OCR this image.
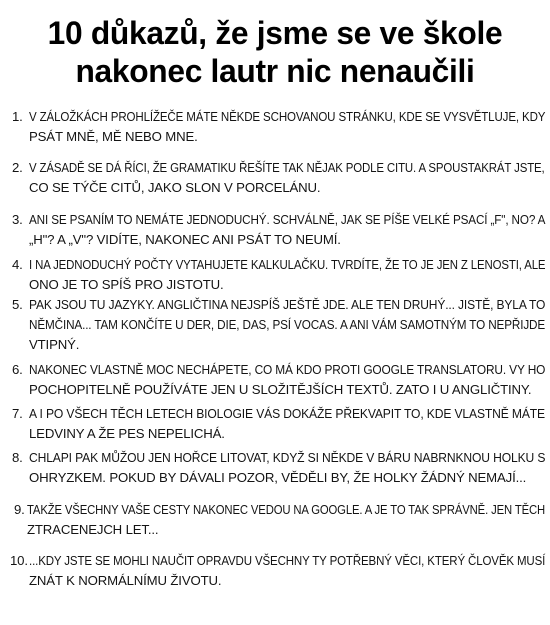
10 důkazů, že jsme se ve škole
nakonec lautr nic nenaučili
1. V ZÁLOŽKÁCH PROHLÍŽEČE MÁTE NĚKDE SCHOVANOU STRÁNKU, KDE SE VYSVĚTLUJE, KDY
PSÁT MNĚ, MĚ NEBO MNE.
2. V ZÁSADĚ SE DÁ ŘÍCI, ŽE GRAMATIKU ŘEŠÍTE TAK NĚJAK PODLE CITU. A SPOUSTAKRÁT JSTE,
CO SE TÝČE CITŮ, JAKO SLON V PORCELÁNU.
3. ANI SE PSANÍM TO NEMÁTE JEDNODUCHÝ. SCHVÁLNĚ, JAK SE PÍŠE VELKÉ PSACÍ „F", NO? A
„H"? A „V"? VIDÍTE, NAKONEC ANI PSÁT TO NEUMÍ.
4. I NA JEDNODUCHÝ POČTY VYTAHUJETE KALKULAČKU. TVRDÍTE, ŽE TO JE JEN Z LENOSTI, ALE
ONO JE TO SPÍŠ PRO JISTOTU.
5. PAK JSOU TU JAZYKY. ANGLIČTINA NEJSPÍŠ JEŠTĚ JDE. ALE TEN DRUHÝ... JISTĚ, BYLA TO NĚMČINA... TAM KONČÍTE U DER, DIE, DAS, PSÍ VOCAS. A ANI VÁM SAMOTNÝM TO NEPŘIJDE
VTIPNÝ.
6. NAKONEC VLASTNĚ MOC NECHÁPETE, CO MÁ KDO PROTI GOOGLE TRANSLATORU. VY HO
POCHOPITELNĚ POUŽÍVÁTE JEN U SLOŽITĚJŠÍCH TEXTŮ. ZATO I U ANGLIČTINY.
7. A I PO VŠECH TĚCH LETECH BIOLOGIE VÁS DOKÁŽE PŘEKVAPIT TO, KDE VLASTNĚ MÁTE
LEDVINY A ŽE PES NEPELICHÁ.
8. CHLAPI PAK MŮŽOU JEN HOŘCE LITOVAT, KDYŽ SI NĚKDE V BÁRU NABRNKNOU HOLKU S
OHRYZKEM. POKUD BY DÁVALI POZOR, VĚDĚLI BY, ŽE HOLKY ŽÁDNÝ NEMAJÍ...
9. TAKŽE VŠECHNY VAŠE CESTY NAKONEC VEDOU NA GOOGLE. A JE TO TAK SPRÁVNĚ. JEN TĚCH
ZTRACENEJCH LET...
10. ...KDY JSTE SE MOHLI NAUČIT OPRAVDU VŠECHNY TY POTŘEBNÝ VĚCI, KTERÝ ČLOVĚK MUSÍ
ZNÁT K NORMÁLNÍMU ŽIVOTU.
